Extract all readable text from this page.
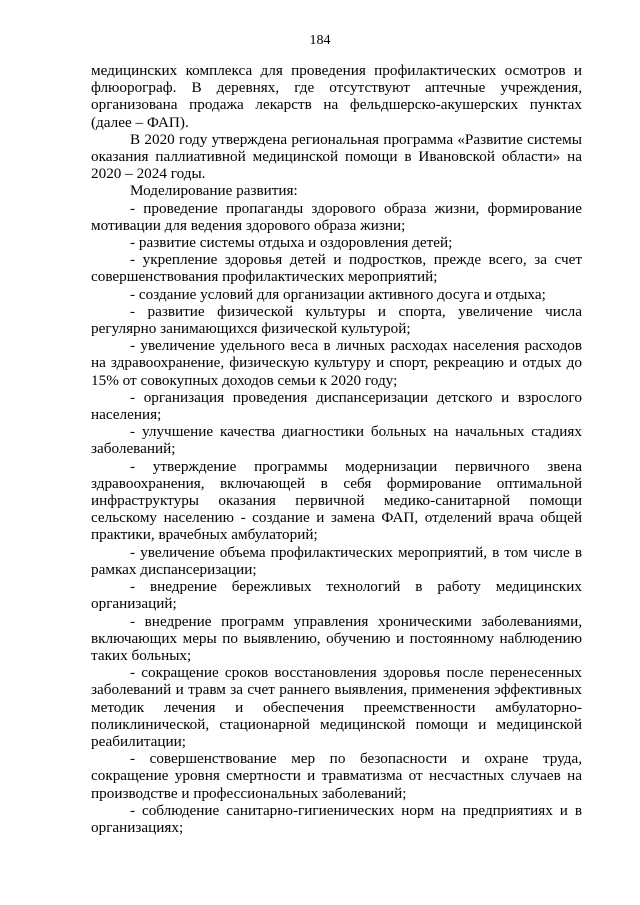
184

медицинских комплекса для проведения профилактических осмотров и флюорограф. В деревнях, где отсутствуют аптечные учреждения, организована продажа лекарств на фельдшерско-акушерских пунктах (далее – ФАП).

В 2020 году утверждена региональная программа «Развитие системы оказания паллиативной медицинской помощи в Ивановской области» на 2020 – 2024 годы.

Моделирование развития:

- проведение пропаганды здорового образа жизни, формирование мотивации для ведения здорового образа жизни;

- развитие системы отдыха и оздоровления детей;

- укрепление здоровья детей и подростков, прежде всего, за счет совершенствования профилактических мероприятий;

- создание условий для организации активного досуга и отдыха;

- развитие физической культуры и спорта, увеличение числа регулярно занимающихся физической культурой;

- увеличение удельного веса в личных расходах населения расходов на здравоохранение, физическую культуру и спорт, рекреацию и отдых до 15% от совокупных доходов семьи к 2020 году;

- организация проведения диспансеризации детского и взрослого населения;

- улучшение качества диагностики больных на начальных стадиях заболеваний;

- утверждение программы модернизации первичного звена здравоохранения, включающей в себя формирование оптимальной инфраструктуры оказания первичной медико-санитарной помощи сельскому населению - создание и замена ФАП, отделений врача общей практики, врачебных амбулаторий;

- увеличение объема профилактических мероприятий, в том числе в рамках диспансеризации;

- внедрение бережливых технологий в работу медицинских организаций;

- внедрение программ управления хроническими заболеваниями, включающих меры по выявлению, обучению и постоянному наблюдению таких больных;

- сокращение сроков восстановления здоровья после перенесенных заболеваний и травм за счет раннего выявления, применения эффективных методик лечения и обеспечения преемственности амбулаторно-поликлинической, стационарной медицинской помощи и медицинской реабилитации;

- совершенствование мер по безопасности и охране труда, сокращение уровня смертности и травматизма от несчастных случаев на производстве и профессиональных заболеваний;

- соблюдение санитарно-гигиенических норм на предприятиях и в организациях;
